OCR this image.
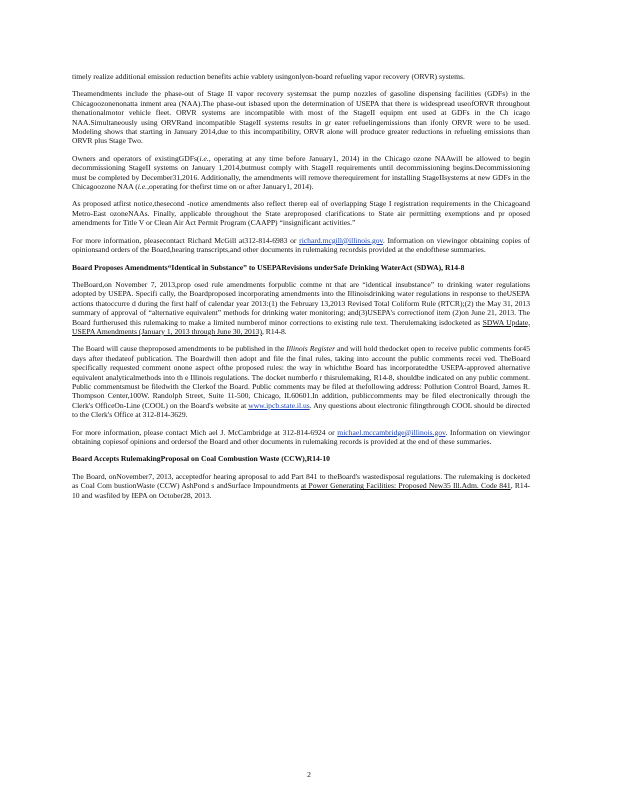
timely realize additional emission reduction benefits achie vablety usingonlyon-board refueling vapor recovery (ORVR) systems.

Theamendments include the phase-out of Stage II vapor recovery systemsat the pump nozzles of gasoline dispensing facilities (GDFs) in the Chicagoozonenonatta inment area (NAA).The phase-out isbased upon the determination of USEPA that there is widespread useofORVR throughout thenationalmotor vehicle fleet. ORVR systems are incompatible with most of the StageII equipm ent used at GDFs in the Ch icago NAA.Simultaneously using ORVRand incompatible StageII systems results in gr eater refuelingemissions than ifonly ORVR were to be used. Modeling shows that starting in January 2014,due to this incompatibility, ORVR alone will produce greater reductions in refueling emissions than ORVR plus Stage Two.

Owners and operators of existingGDFs(i.e., operating at any time before January1, 2014) in the Chicago ozone NAAwill be allowed to begin decommissioning StageII systems on January 1,2014,butmust comply with StageII requirements until decommissioning begins.Decommissioning must be completed by December31,2016. Additionally, the amendments will remove therequirement for installing StageIIsystems at new GDFs in the Chicagoozone NAA (i.e.,operating for thefirst time on or after January1, 2014).

As proposed atfirst notice,thesecond -notice amendments also reflect therep eal of overlapping Stage I registration requirements in the Chicagoand Metro-East ozoneNAAs. Finally, applicable throughout the State areproposed clarifications to State air permitting exemptions and pr oposed amendments for Title V or Clean Air Act Permit Program (CAAPP) “insignificant activities.”

For more information, pleasecontact Richard McGill at312-814-6983 or richard.mcgill@illinois.gov. Information on viewingor obtaining copies of opinionsand orders of the Board,hearing transcripts,and other documents in rulemaking recordsis provided at the endofthese summaries.

Board Proposes Amendments“Identical in Substance” to USEPARevisions underSafe Drinking WaterAct (SDWA), R14-8

TheBoard,on November 7, 2013,prop osed rule amendments forpublic comme nt that are “identical insubstance” to drinking water regulations adopted by USEPA. Specifi cally, the Boardproposed incorporating amendments into the Illinoisdrinking water regulations in response to theUSEPA actions thatoccurre d during the first half of calendar year 2013:(1) the February 13,2013 Revised Total Coliform Rule (RTCR);(2) the May 31, 2013 summary of approval of “alternative equivalent” methods for drinking water monitoring; and(3)USEPA's correctionof item (2)on June 21, 2013. The Board furtherused this rulemaking to make a limited numberof minor corrections to existing rule text. Therulemaking isdocketed as SDWA Update, USEPA Amendments (January 1, 2013 through June 30, 2013), R14-8.

The Board will cause theproposed amendments to be published in the Illinois Register and will hold thedocket open to receive public comments for45 days after thedateof publication. The Boardwill then adopt and file the final rules, taking into account the public comments recei ved. TheBoard specifically requested comment onone aspect ofthe proposed rules: the way in whichthe Board has incorporatedthe USEPA-approved alternative equivalent analyticalmethods into th e Illinois regulations. The docket numberfo r thisrulemaking, R14-8, shouldbe indicated on any public comment. Public commentsmust be filedwith the Clerkof the Board. Public comments may be filed at thefollowing address: Pollution Control Board, James R. Thompson Center,100W. Randolph Street, Suite 11-500, Chicago, IL60601.In addition, publiccomments may be filed electronically through the Clerk's OfficeOn-Line (COOL) on the Board's website at www.ipcb.state.il.us. Any questions about electronic filingthrough COOL should be directed to the Clerk's Office at 312-814-3629.

For more information, please contact Mich ael J. McCambridge at 312-814-6924 or michael.mccambridge@illinois.gov. Information on viewingor obtaining copiesof opinions and ordersof the Board and other documents in rulemaking records is provided at the end of these summaries.

Board Accepts RulemakingProposal on Coal Combustion Waste (CCW),R14-10

The Board, onNovember7, 2013, acceptedfor hearing aproposal to add Part 841 to theBoard's wastedisposal regulations. The rulemaking is docketed as Coal Com bustionWaste (CCW) AshPond s andSurface Impoundments at Power Generating Facilities: Proposed New35 Ill.Adm. Code 841, R14-10 and wasfiled by IEPA on October28, 2013.

2
